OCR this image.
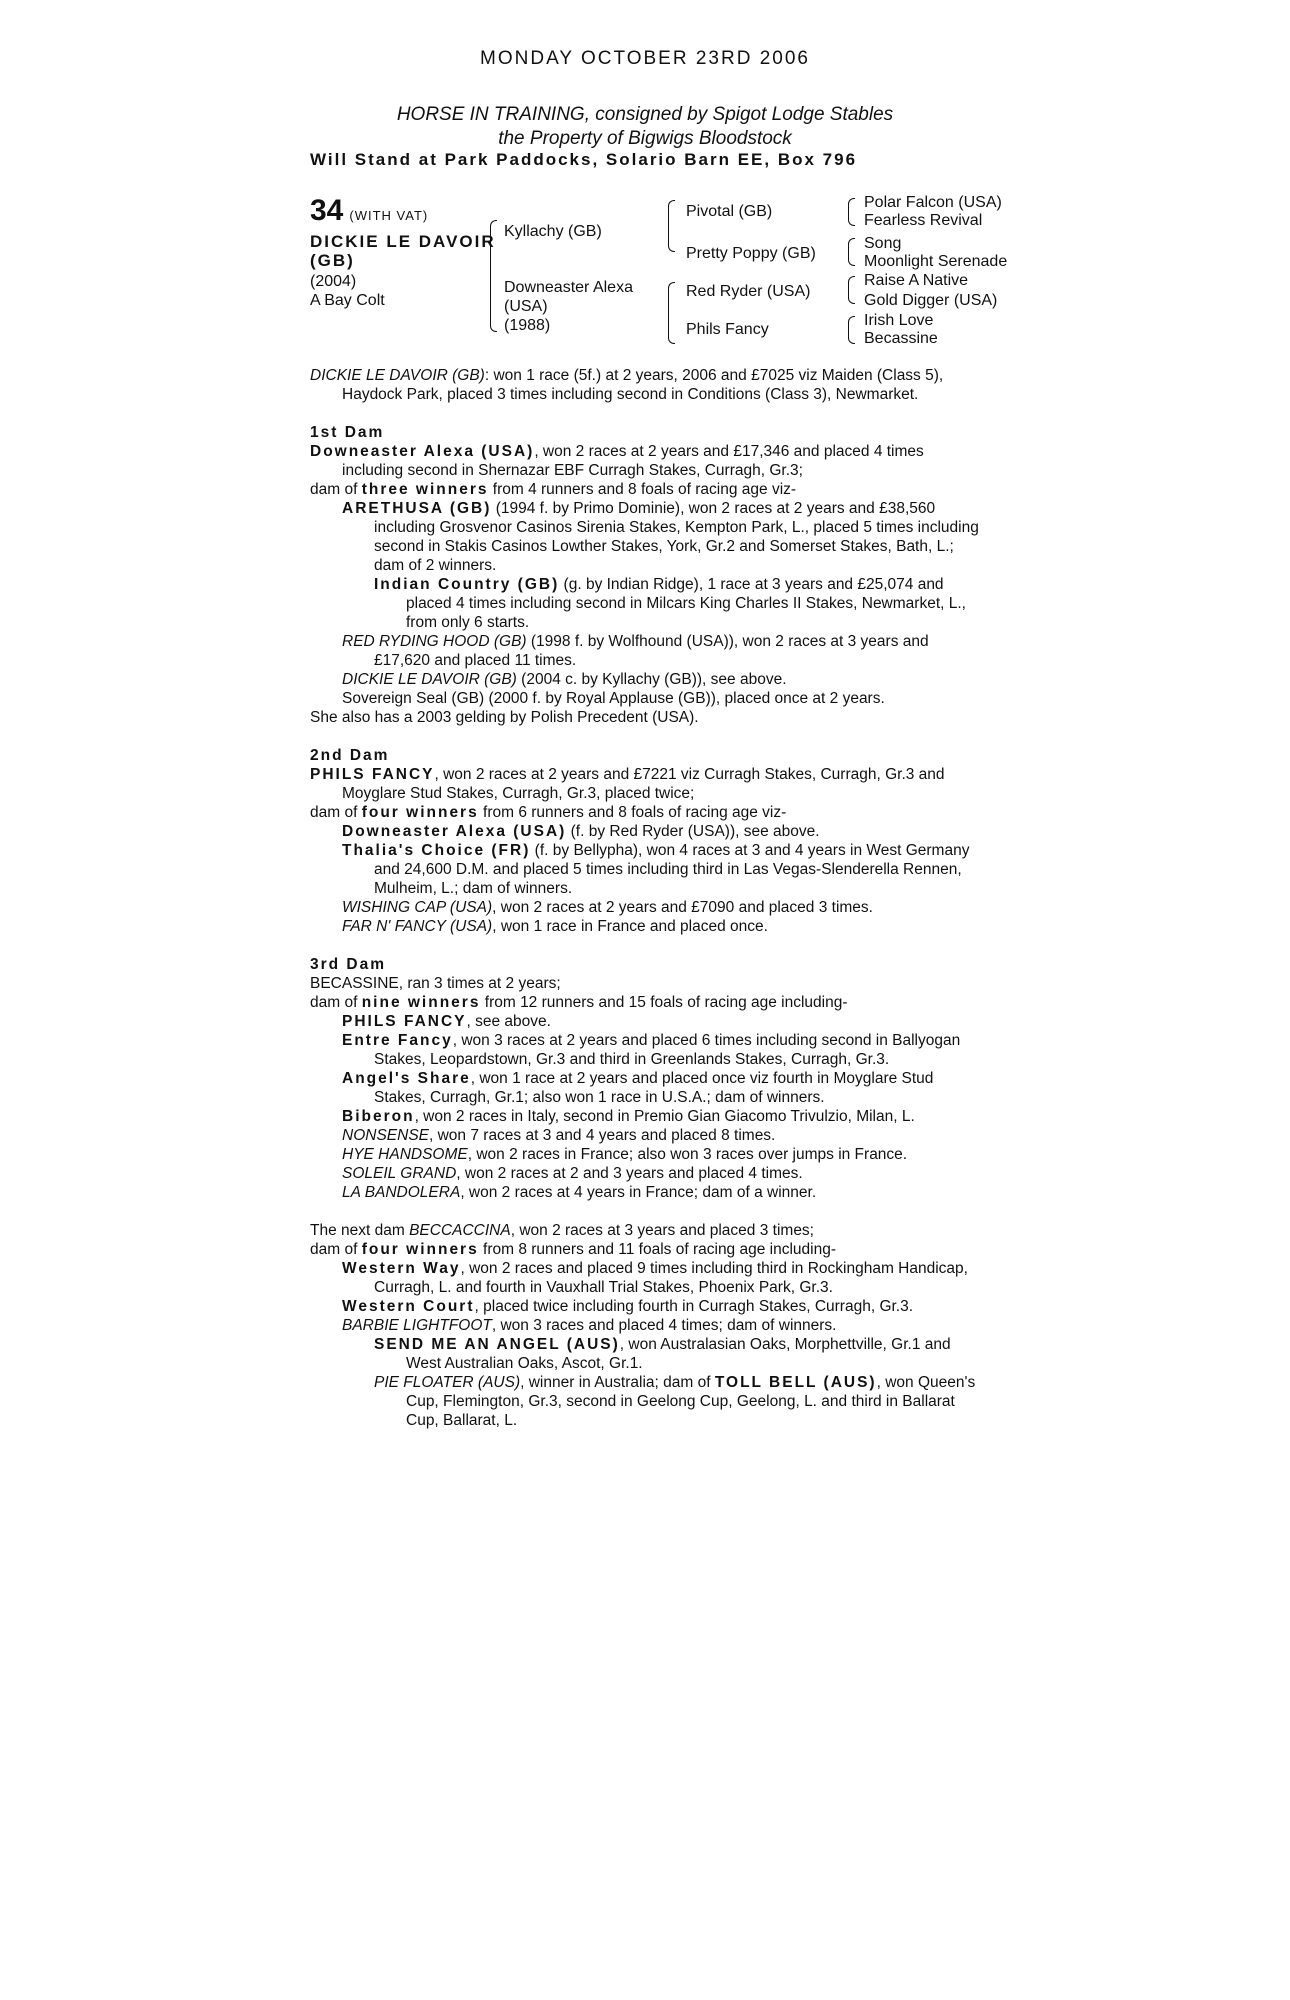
MONDAY OCTOBER 23RD 2006
HORSE IN TRAINING, consigned by Spigot Lodge Stables
the Property of Bigwigs Bloodstock
Will Stand at Park Paddocks, Solario Barn EE, Box 796
34 (WITH VAT)
DICKIE LE DAVOIR
(GB)
(2004)
A Bay Colt
Kyllachy (GB)
Downeaster Alexa
(USA)
(1988)
Pivotal (GB)
Pretty Poppy (GB)
Red Ryder (USA)
Phils Fancy
Polar Falcon (USA)
Fearless Revival
Song
Moonlight Serenade
Raise A Native
Gold Digger (USA)
Irish Love
Becassine

DICKIE LE DAVOIR (GB): won 1 race (5f.) at 2 years, 2006 and £7025 viz Maiden (Class 5), Haydock Park, placed 3 times including second in Conditions (Class 3), Newmarket.

1st Dam

Downeaster Alexa (USA), won 2 races at 2 years and £17,346 and placed 4 times including second in Shernazar EBF Curragh Stakes, Curragh, Gr.3;

dam of three winners from 4 runners and 8 foals of racing age viz-

ARETHUSA (GB) (1994 f. by Primo Dominie), won 2 races at 2 years and £38,560 including Grosvenor Casinos Sirenia Stakes, Kempton Park, L., placed 5 times including second in Stakis Casinos Lowther Stakes, York, Gr.2 and Somerset Stakes, Bath, L.; dam of 2 winners.

Indian Country (GB) (g. by Indian Ridge), 1 race at 3 years and £25,074 and placed 4 times including second in Milcars King Charles II Stakes, Newmarket, L., from only 6 starts.

RED RYDING HOOD (GB) (1998 f. by Wolfhound (USA)), won 2 races at 3 years and £17,620 and placed 11 times.

DICKIE LE DAVOIR (GB) (2004 c. by Kyllachy (GB)), see above.

Sovereign Seal (GB) (2000 f. by Royal Applause (GB)), placed once at 2 years.

She also has a 2003 gelding by Polish Precedent (USA).

2nd Dam

PHILS FANCY, won 2 races at 2 years and £7221 viz Curragh Stakes, Curragh, Gr.3 and Moyglare Stud Stakes, Curragh, Gr.3, placed twice;

dam of four winners from 6 runners and 8 foals of racing age viz-

Downeaster Alexa (USA) (f. by Red Ryder (USA)), see above.

Thalia's Choice (FR) (f. by Bellypha), won 4 races at 3 and 4 years in West Germany and 24,600 D.M. and placed 5 times including third in Las Vegas-Slenderella Rennen, Mulheim, L.; dam of winners.

WISHING CAP (USA), won 2 races at 2 years and £7090 and placed 3 times.

FAR N' FANCY (USA), won 1 race in France and placed once.

3rd Dam

BECASSINE, ran 3 times at 2 years;

dam of nine winners from 12 runners and 15 foals of racing age including-

PHILS FANCY, see above.

Entre Fancy, won 3 races at 2 years and placed 6 times including second in Ballyogan Stakes, Leopardstown, Gr.3 and third in Greenlands Stakes, Curragh, Gr.3.

Angel's Share, won 1 race at 2 years and placed once viz fourth in Moyglare Stud Stakes, Curragh, Gr.1; also won 1 race in U.S.A.; dam of winners.

Biberon, won 2 races in Italy, second in Premio Gian Giacomo Trivulzio, Milan, L.

NONSENSE, won 7 races at 3 and 4 years and placed 8 times.

HYE HANDSOME, won 2 races in France; also won 3 races over jumps in France.

SOLEIL GRAND, won 2 races at 2 and 3 years and placed 4 times.

LA BANDOLERA, won 2 races at 4 years in France; dam of a winner.

The next dam BECCACCINA, won 2 races at 3 years and placed 3 times;

dam of four winners from 8 runners and 11 foals of racing age including-

Western Way, won 2 races and placed 9 times including third in Rockingham Handicap, Curragh, L. and fourth in Vauxhall Trial Stakes, Phoenix Park, Gr.3.

Western Court, placed twice including fourth in Curragh Stakes, Curragh, Gr.3.

BARBIE LIGHTFOOT, won 3 races and placed 4 times; dam of winners.

SEND ME AN ANGEL (AUS), won Australasian Oaks, Morphettville, Gr.1 and West Australian Oaks, Ascot, Gr.1.

PIE FLOATER (AUS), winner in Australia; dam of TOLL BELL (AUS), won Queen's Cup, Flemington, Gr.3, second in Geelong Cup, Geelong, L. and third in Ballarat Cup, Ballarat, L.
